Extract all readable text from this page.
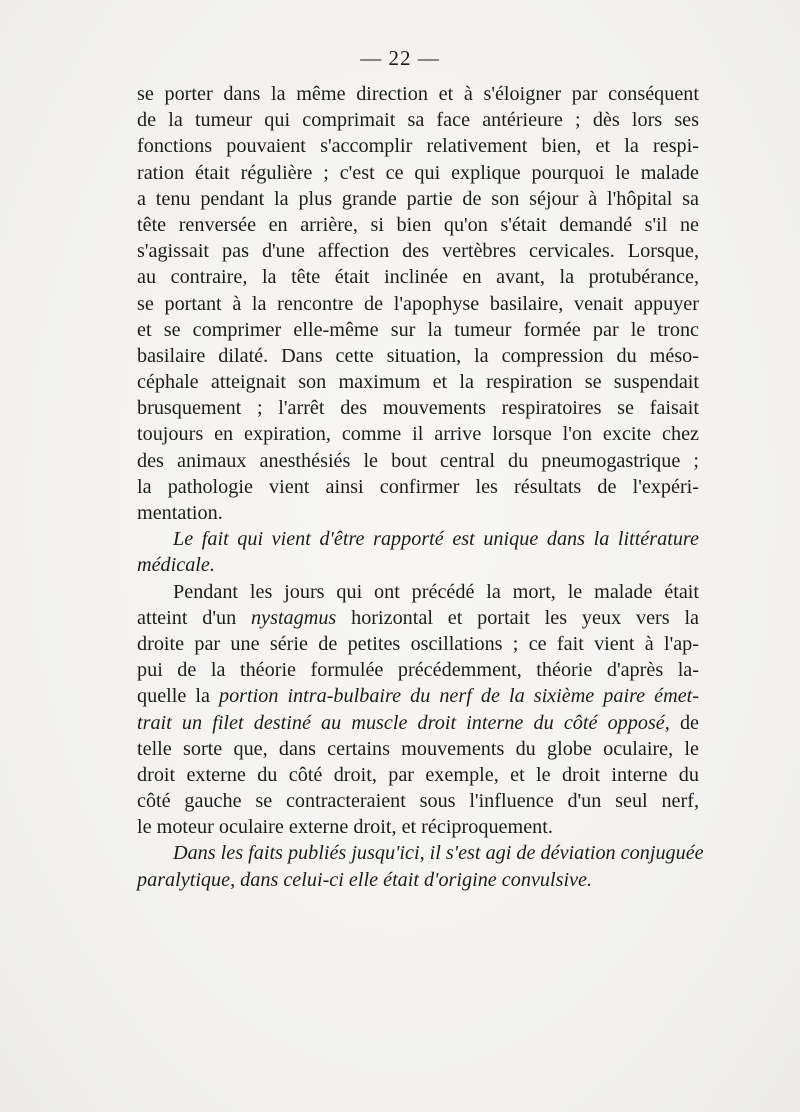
— 22 —
se porter dans la même direction et à s'éloigner par conséquent
de la tumeur qui comprimait sa face antérieure ; dès lors ses
fonctions pouvaient s'accomplir relativement bien, et la respi-
ration était régulière ; c'est ce qui explique pourquoi le malade
a tenu pendant la plus grande partie de son séjour à l'hôpital sa
tête renversée en arrière, si bien qu'on s'était demandé s'il ne
s'agissait pas d'une affection des vertèbres cervicales. Lorsque,
au contraire, la tête était inclinée en avant, la protubérance,
se portant à la rencontre de l'apophyse basilaire, venait appuyer
et se comprimer elle-même sur la tumeur formée par le tronc
basilaire dilaté. Dans cette situation, la compression du méso-
céphale atteignait son maximum et la respiration se suspendait
brusquement ; l'arrêt des mouvements respiratoires se faisait
toujours en expiration, comme il arrive lorsque l'on excite chez
des animaux anesthésiés le bout central du pneumogastrique ;
la pathologie vient ainsi confirmer les résultats de l'expéri-
mentation.
Le fait qui vient d'être rapporté est unique dans la littérature
médicale.
Pendant les jours qui ont précédé la mort, le malade était
atteint d'un nystagmus horizontal et portait les yeux vers la
droite par une série de petites oscillations ; ce fait vient à l'ap-
pui de la théorie formulée précédemment, théorie d'après la-
quelle la portion intra-bulbaire du nerf de la sixième paire émet-
trait un filet destiné au muscle droit interne du côté opposé, de
telle sorte que, dans certains mouvements du globe oculaire, le
droit externe du côté droit, par exemple, et le droit interne du
côté gauche se contracteraient sous l'influence d'un seul nerf,
le moteur oculaire externe droit, et réciproquement.
Dans les faits publiés jusqu'ici, il s'est agi de déviation conjuguée
paralytique, dans celui-ci elle était d'origine convulsive.
